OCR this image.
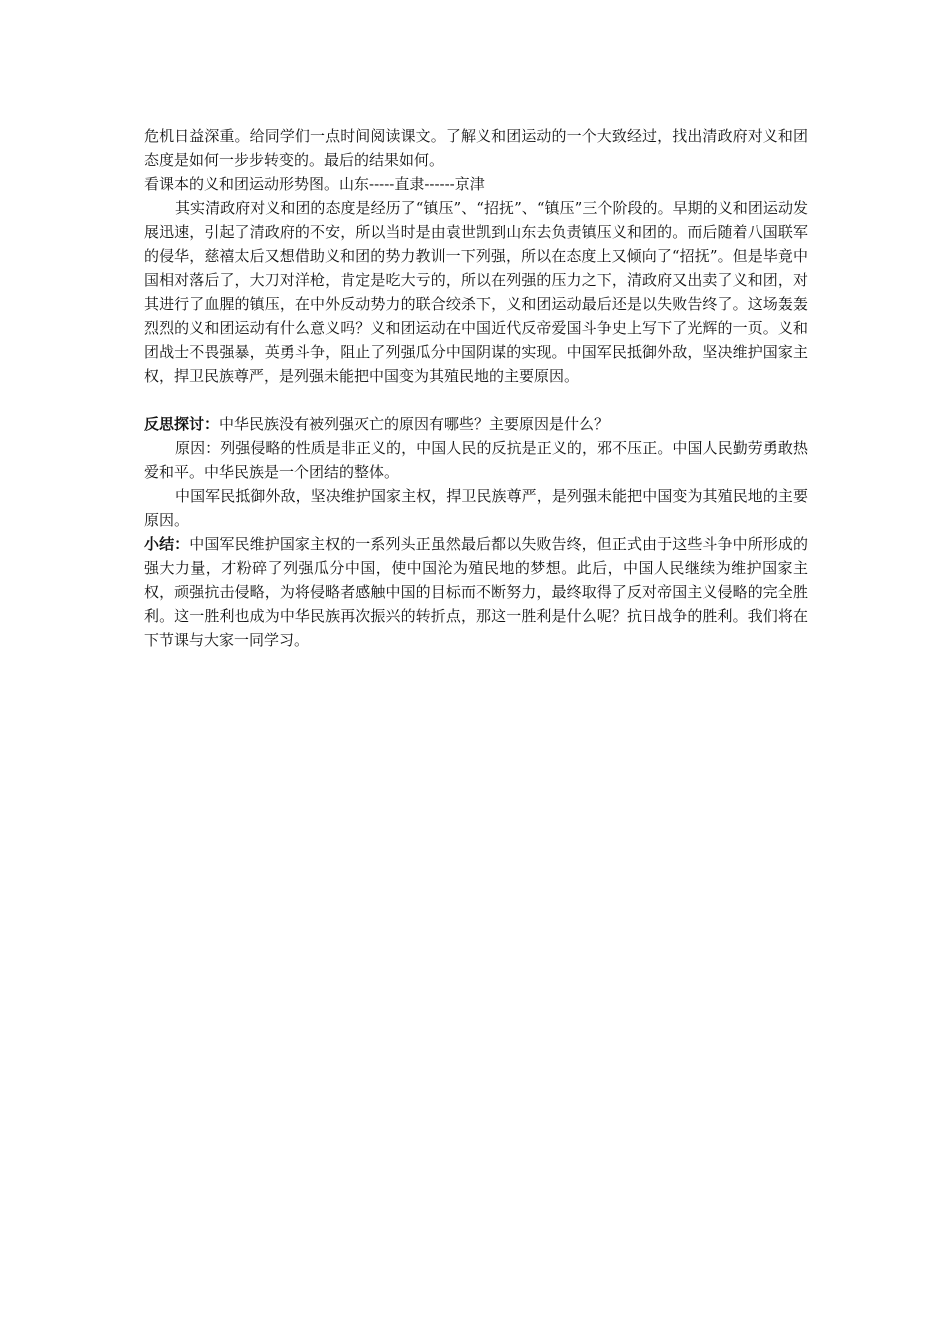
危机日益深重。给同学们一点时间阅读课文。了解义和团运动的一个大致经过，找出清政府对义和团态度是如何一步步转变的。最后的结果如何。

看课本的义和团运动形势图。山东-----直隶------京津

其实清政府对义和团的态度是经历了“镇压”、“招抚”、“镇压”三个阶段的。早期的义和团运动发展迅速，引起了清政府的不安，所以当时是由袁世凯到山东去负责镇压义和团的。而后随着八国联军的侵华，慈禧太后又想借助义和团的势力教训一下列强，所以在态度上又倾向了“招抚”。但是毕竟中国相对落后了，大刀对洋枪，肯定是吃大亏的，所以在列强的压力之下，清政府又出卖了义和团，对其进行了血腥的镇压，在中外反动势力的联合绞杀下，义和团运动最后还是以失败告终了。这场轰轰烈烈的义和团运动有什么意义吗？义和团运动在中国近代反帝爱国斗争史上写下了光辉的一页。义和团战士不畏强暴，英勇斗争，阻止了列强瓜分中国阴谋的实现。中国军民抵御外敌，坚决维护国家主权，捍卫民族尊严，是列强未能把中国变为其殖民地的主要原因。

反思探讨：中华民族没有被列强灭亡的原因有哪些？主要原因是什么？

原因：列强侵略的性质是非正义的，中国人民的反抗是正义的，邪不压正。中国人民勤劳勇敢热爱和平。中华民族是一个团结的整体。

中国军民抵御外敌，坚决维护国家主权，捍卫民族尊严，是列强未能把中国变为其殖民地的主要原因。

小结：中国军民维护国家主权的一系列头正虽然最后都以失败告终，但正式由于这些斗争中所形成的强大力量，才粉碎了列强瓜分中国，使中国沦为殖民地的梦想。此后，中国人民继续为维护国家主权，顽强抗击侵略，为将侵略者感触中国的目标而不断努力，最终取得了反对帝国主义侵略的完全胜利。这一胜利也成为中华民族再次振兴的转折点，那这一胜利是什么呢？抗日战争的胜利。我们将在下节课与大家一同学习。
